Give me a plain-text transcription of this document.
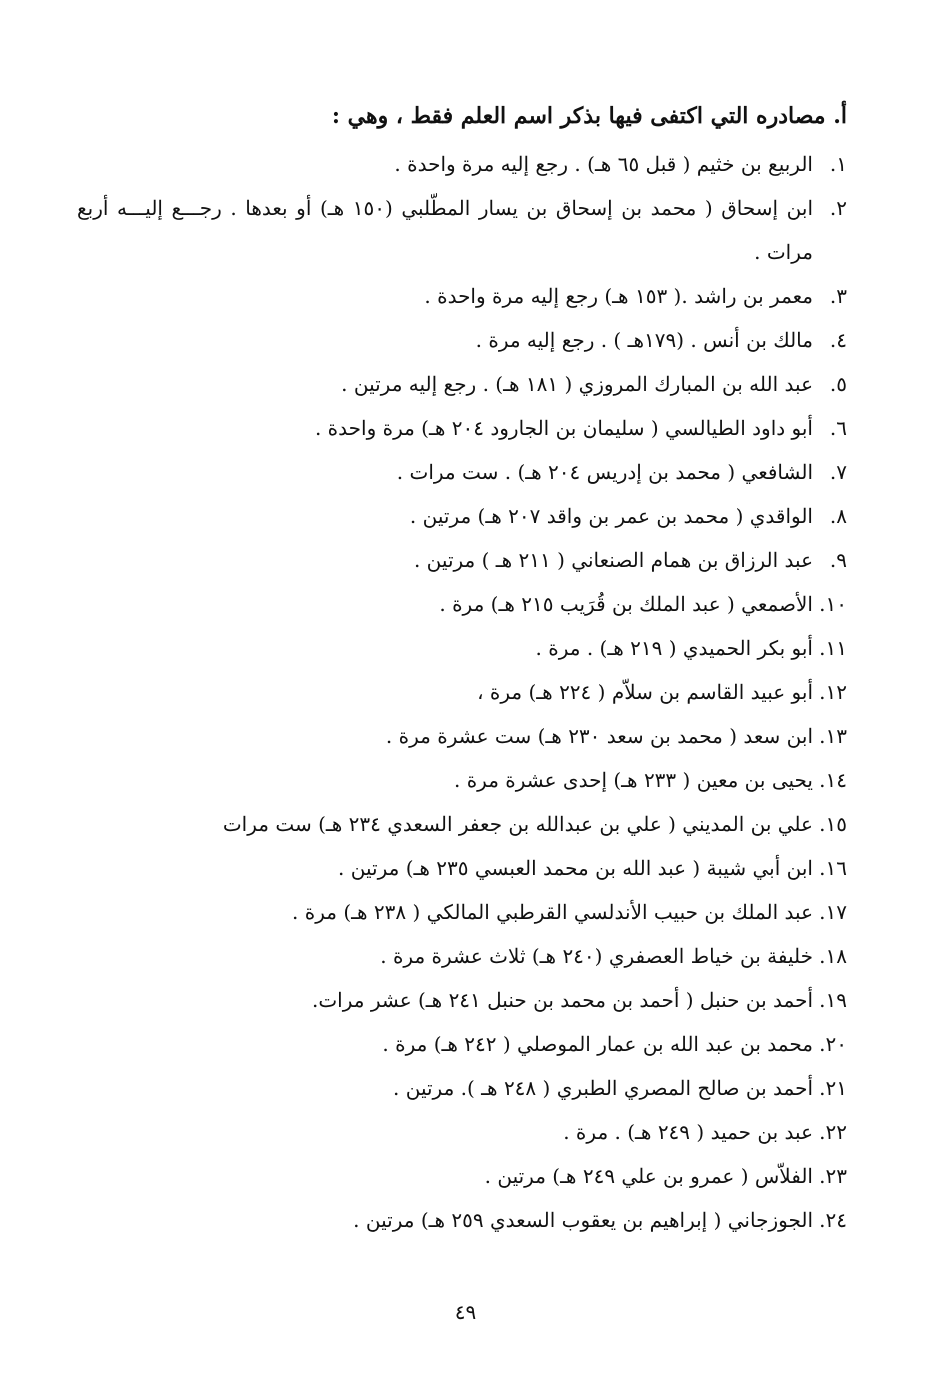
أ. مصادره التي اكتفى فيها بذكر اسم العلم فقط ، وهي :
١.
الربيع بن خثيم ( قبل ٦٥ هـ) . رجع إليه مرة واحدة .
٢.
ابن إسحاق ( محمد بن إسحاق بن يسار المطّلبي (١٥٠ هـ) أو بعدها . رجـــع إليـــه أربع مرات .
٣.
معمر بن راشد .( ١٥٣ هـ) رجع إليه مرة واحدة .
٤.
مالك بن أنس . (١٧٩هـ ) . رجع إليه مرة .
٥.
عبد الله بن المبارك المروزي ( ١٨١ هـ) . رجع إليه مرتين .
٦.
أبو داود الطيالسي ( سليمان بن الجارود ٢٠٤ هـ) مرة واحدة .
٧.
الشافعي ( محمد بن إدريس ٢٠٤ هـ) . ست مرات .
٨.
الواقدي ( محمد بن عمر بن واقد ٢٠٧ هـ) مرتين .
٩.
عبد الرزاق بن همام الصنعاني ( ٢١١ هـ ) مرتين .
١٠.
الأصمعي ( عبد الملك بن قُرَيب ٢١٥ هـ) مرة .
١١.
أبو بكر الحميدي ( ٢١٩ هـ) . مرة .
١٢.
أبو عبيد القاسم بن سلاّم ( ٢٢٤ هـ) مرة ،
١٣.
ابن سعد ( محمد بن سعد ٢٣٠ هـ) ست عشرة مرة .
١٤.
يحيى بن معين ( ٢٣٣ هـ) إحدى عشرة مرة .
١٥.
علي بن المديني ( علي بن عبدالله بن جعفر السعدي ٢٣٤ هـ) ست مرات
١٦.
ابن أبي شيبة ( عبد الله بن محمد العبسي ٢٣٥ هـ) مرتين .
١٧.
عبد الملك بن حبيب الأندلسي القرطبي المالكي ( ٢٣٨ هـ) مرة .
١٨.
خليفة بن خياط العصفري (٢٤٠ هـ) ثلاث عشرة مرة .
١٩.
أحمد بن حنبل ( أحمد بن محمد بن حنبل ٢٤١ هـ) عشر مرات.
٢٠.
محمد بن عبد الله بن عمار الموصلي ( ٢٤٢ هـ) مرة .
٢١.
أحمد بن صالح المصري الطبري ( ٢٤٨ هـ ). مرتين .
٢٢.
عبد بن حميد ( ٢٤٩ هـ) . مرة .
٢٣.
الفلاّس ( عمرو بن علي ٢٤٩ هـ) مرتين .
٢٤.
الجوزجاني ( إبراهيم بن يعقوب السعدي ٢٥٩ هـ) مرتين .
٤٩
